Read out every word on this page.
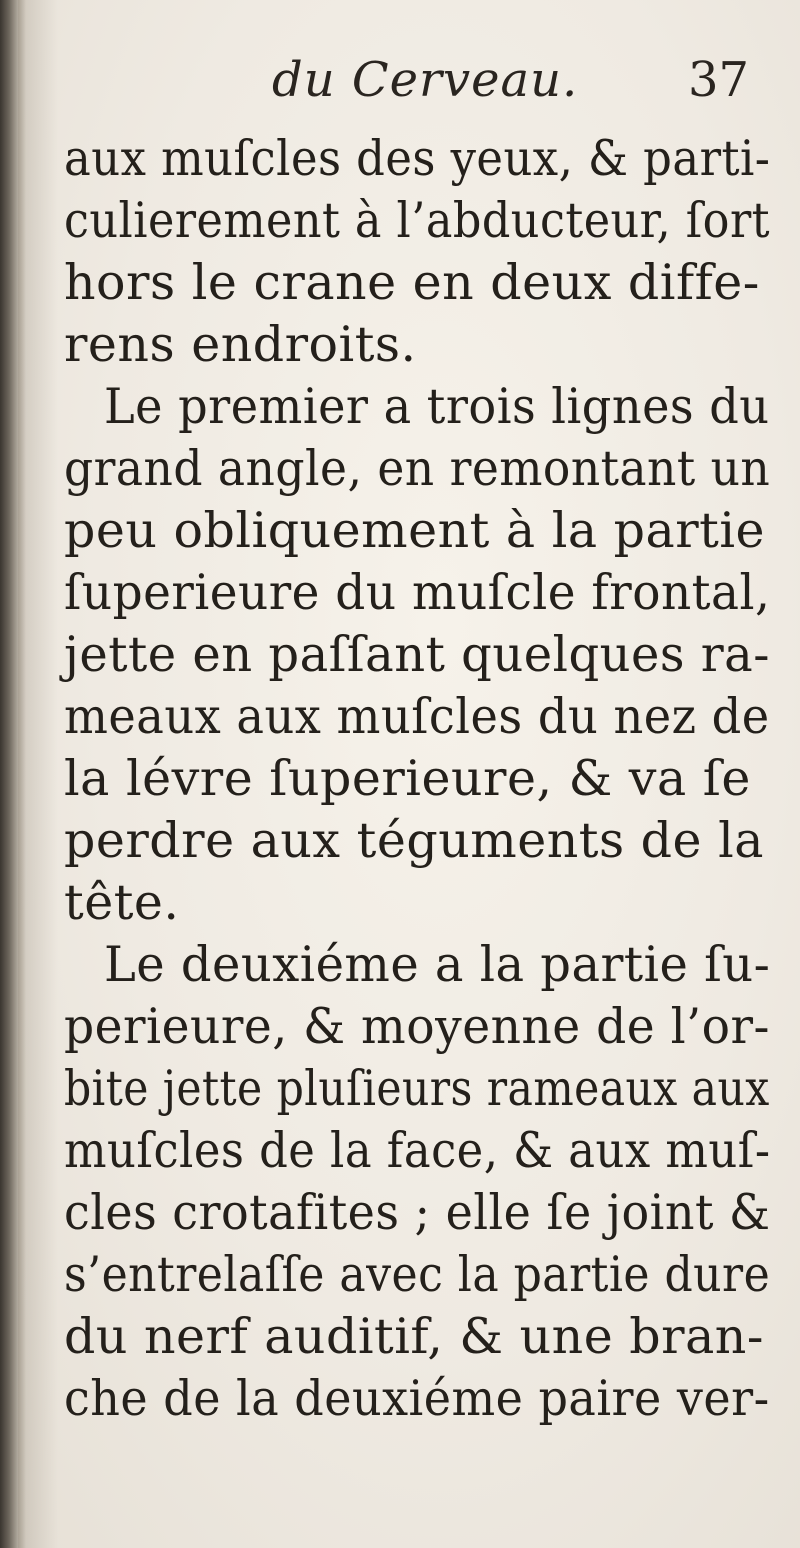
du Cerveau. 37
aux muſcles des yeux, & parti-
culierement à l’abducteur, ſort
hors le crane en deux diffe-
rens endroits.
Le premier a trois lignes du
grand angle, en remontant un
peu obliquement à la partie
ſuperieure du muſcle frontal,
jette en paſſant quelques ra-
meaux aux muſcles du nez de
la lévre ſuperieure, & va ſe
perdre aux téguments de la
tête.
Le deuxiéme a la partie ſu-
perieure, & moyenne de l’or-
bite jette pluſieurs rameaux aux
muſcles de la face, & aux muſ-
cles crotafites ; elle ſe joint &
s’entrelaſſe avec la partie dure
du nerf auditif, & une bran-
che de la deuxiéme paire ver-
